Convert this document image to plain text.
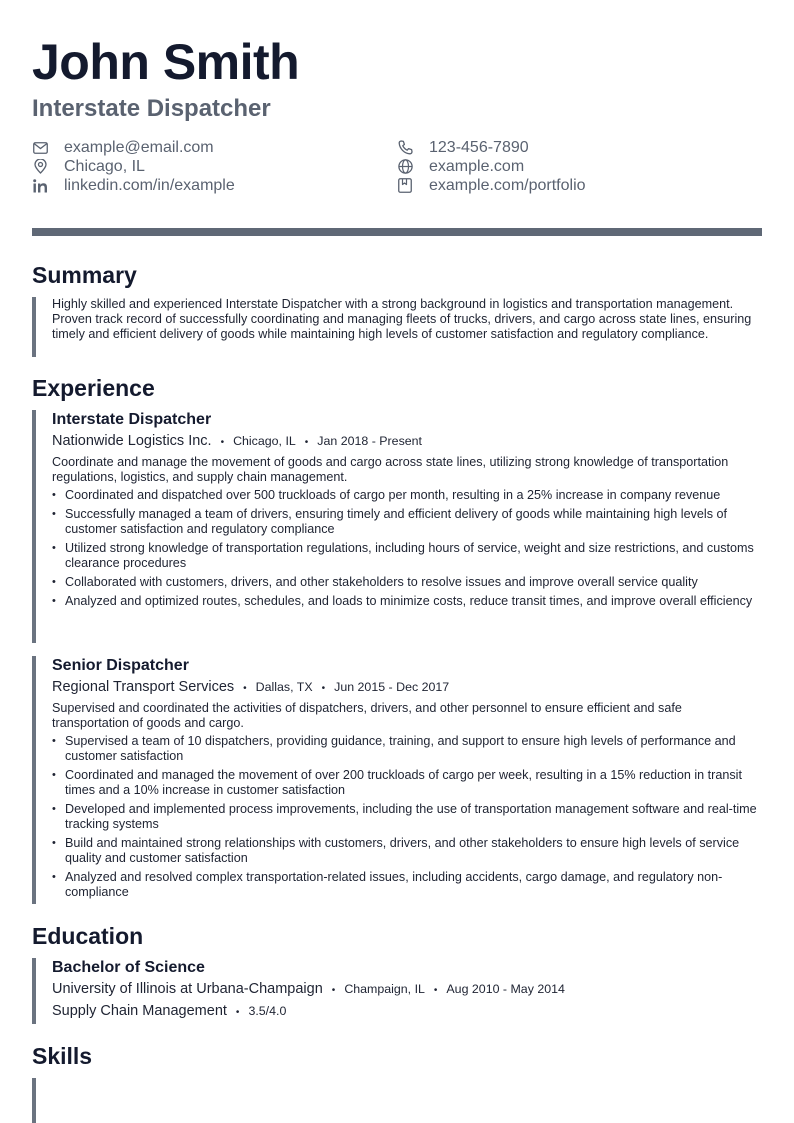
John Smith
Interstate Dispatcher
example@email.com
Chicago, IL
linkedin.com/in/example
123-456-7890
example.com
example.com/portfolio
Summary

Highly skilled and experienced Interstate Dispatcher with a strong background in logistics and transportation management. Proven track record of successfully coordinating and managing fleets of trucks, drivers, and cargo across state lines, ensuring timely and efficient delivery of goods while maintaining high levels of customer satisfaction and regulatory compliance.

Experience
Interstate Dispatcher
Nationwide Logistics Inc. • Chicago, IL • Jan 2018 - Present

Coordinate and manage the movement of goods and cargo across state lines, utilizing strong knowledge of transportation regulations, logistics, and supply chain management.

• Coordinated and dispatched over 500 truckloads of cargo per month, resulting in a 25% increase in company revenue
• Successfully managed a team of drivers, ensuring timely and efficient delivery of goods while maintaining high levels of customer satisfaction and regulatory compliance
• Utilized strong knowledge of transportation regulations, including hours of service, weight and size restrictions, and customs clearance procedures
• Collaborated with customers, drivers, and other stakeholders to resolve issues and improve overall service quality
• Analyzed and optimized routes, schedules, and loads to minimize costs, reduce transit times, and improve overall efficiency
Senior Dispatcher
Regional Transport Services • Dallas, TX • Jun 2015 - Dec 2017

Supervised and coordinated the activities of dispatchers, drivers, and other personnel to ensure efficient and safe transportation of goods and cargo.

• Supervised a team of 10 dispatchers, providing guidance, training, and support to ensure high levels of performance and customer satisfaction
• Coordinated and managed the movement of over 200 truckloads of cargo per week, resulting in a 15% reduction in transit times and a 10% increase in customer satisfaction
• Developed and implemented process improvements, including the use of transportation management software and real-time tracking systems
• Build and maintained strong relationships with customers, drivers, and other stakeholders to ensure high levels of service quality and customer satisfaction
• Analyzed and resolved complex transportation-related issues, including accidents, cargo damage, and regulatory non-compliance
Education
Bachelor of Science
University of Illinois at Urbana-Champaign • Champaign, IL • Aug 2010 - May 2014
Supply Chain Management • 3.5/4.0
Skills
